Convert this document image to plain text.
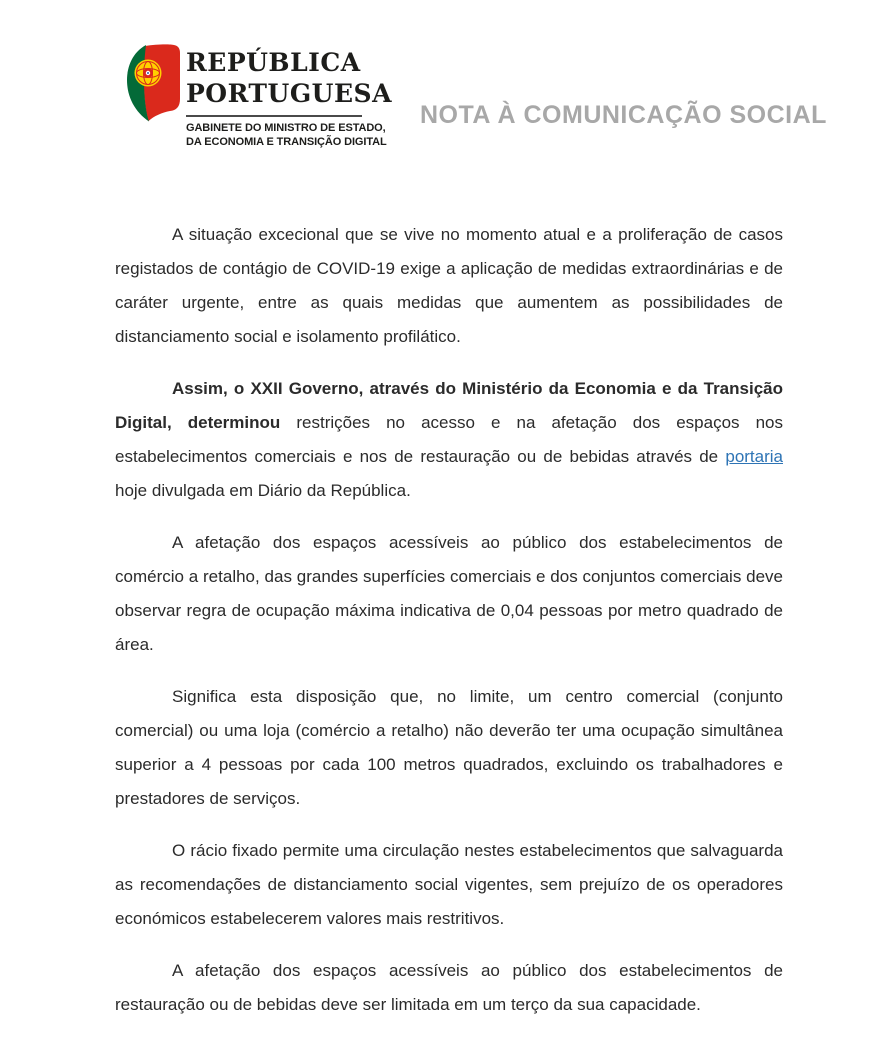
REPÚBLICA
PORTUGUESA
GABINETE DO MINISTRO DE ESTADO,
DA ECONOMIA E TRANSIÇÃO DIGITAL
NOTA À COMUNICAÇÃO SOCIAL

A situação excecional que se vive no momento atual e a proliferação de casos registados de contágio de COVID-19 exige a aplicação de medidas extraordinárias e de caráter urgente, entre as quais medidas que aumentem as possibilidades de distanciamento social e isolamento profilático.

Assim, o XXII Governo, através do Ministério da Economia e da Transição Digital, determinou restrições no acesso e na afetação dos espaços nos estabelecimentos comerciais e nos de restauração ou de bebidas através de portaria hoje divulgada em Diário da República.

A afetação dos espaços acessíveis ao público dos estabelecimentos de comércio a retalho, das grandes superfícies comerciais e dos conjuntos comerciais deve observar regra de ocupação máxima indicativa de 0,04 pessoas por metro quadrado de área.

Significa esta disposição que, no limite, um centro comercial (conjunto comercial) ou uma loja (comércio a retalho) não deverão ter uma ocupação simultânea superior a 4 pessoas por cada 100 metros quadrados, excluindo os trabalhadores e prestadores de serviços.

O rácio fixado permite uma circulação nestes estabelecimentos que salvaguarda as recomendações de distanciamento social vigentes, sem prejuízo de os operadores económicos estabelecerem valores mais restritivos.

A afetação dos espaços acessíveis ao público dos estabelecimentos de restauração ou de bebidas deve ser limitada em um terço da sua capacidade.
